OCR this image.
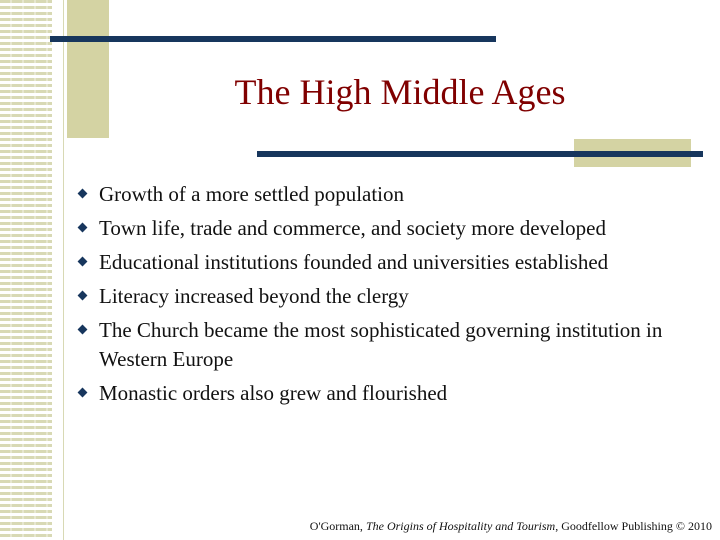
The High Middle Ages
Growth of a more settled population
Town life, trade and commerce, and society more developed
Educational institutions founded and universities established
Literacy increased beyond the clergy
The Church became the most sophisticated governing institution in Western Europe
Monastic orders also grew and flourished
O'Gorman, The Origins of Hospitality and Tourism, Goodfellow Publishing © 2010
